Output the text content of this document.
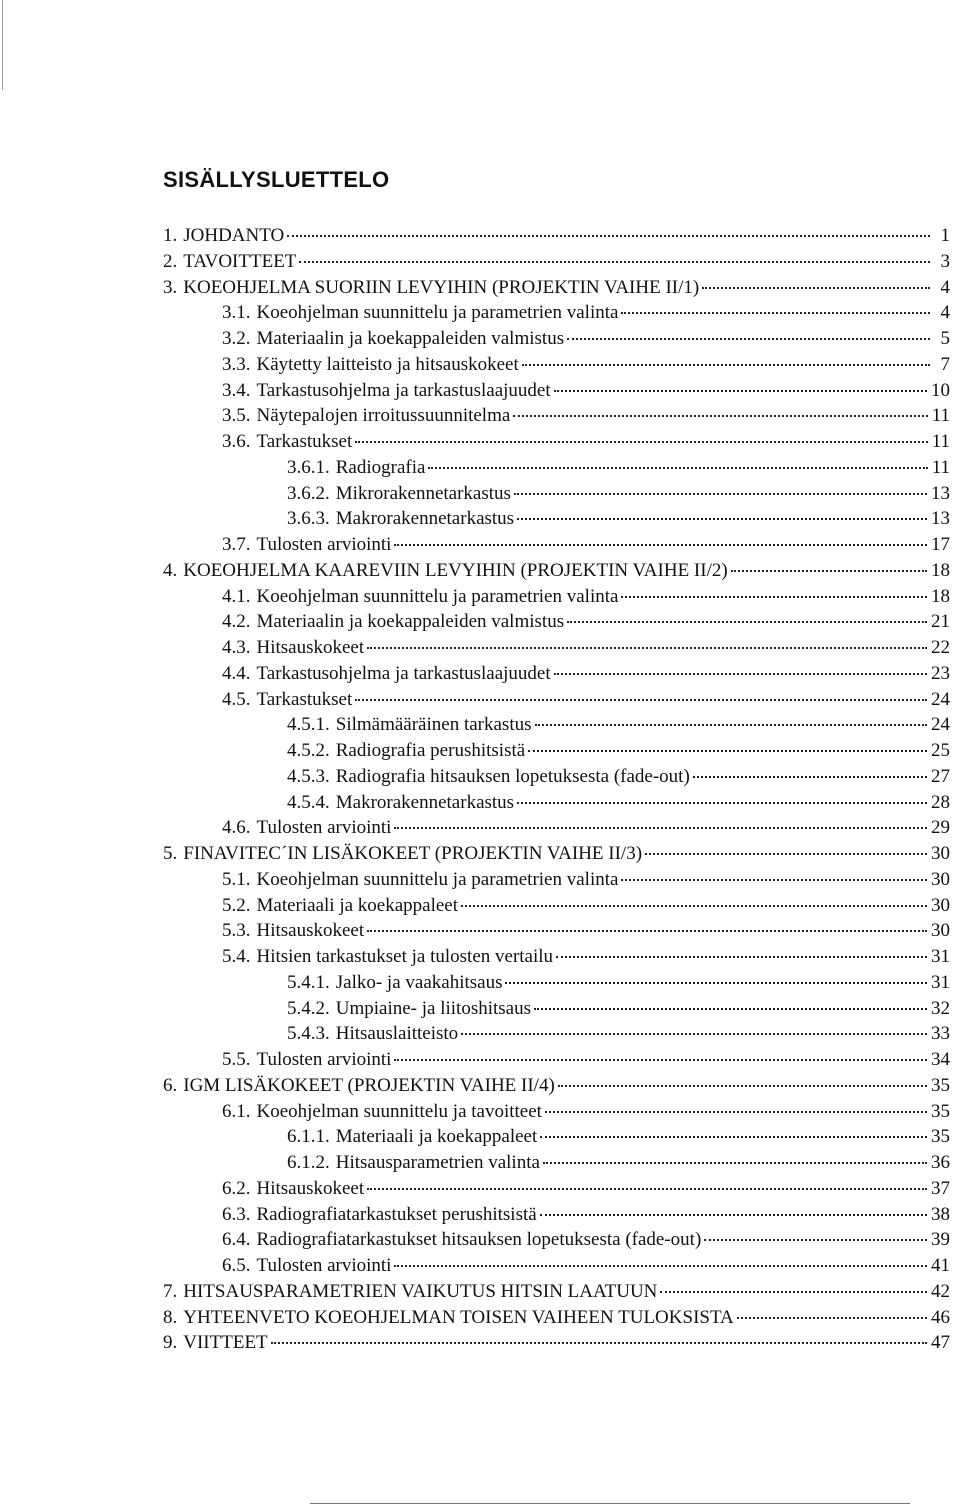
SISÄLLYSLUETTELO
1. JOHDANTO	1
2. TAVOITTEET	3
3. KOEOHJELMA SUORIIN LEVYIHIN (PROJEKTIN VAIHE II/1)	4
3.1. Koeohjelman suunnittelu ja parametrien valinta	4
3.2. Materiaalin ja koekappaleiden valmistus	5
3.3. Käytetty laitteisto ja hitsauskokeet	7
3.4. Tarkastusohjelma ja tarkastuslaajuudet	10
3.5. Näytepalojen irroitussuunnitelma	11
3.6. Tarkastukset	11
3.6.1. Radiografia	11
3.6.2. Mikrorakennetarkastus	13
3.6.3. Makrorakennetarkastus	13
3.7. Tulosten arviointi	17
4. KOEOHJELMA KAAREVIIN LEVYIHIN (PROJEKTIN VAIHE II/2)	18
4.1. Koeohjelman suunnittelu ja parametrien valinta	18
4.2. Materiaalin ja koekappaleiden valmistus	21
4.3. Hitsauskokeet	22
4.4. Tarkastusohjelma ja tarkastuslaajuudet	23
4.5. Tarkastukset	24
4.5.1. Silmämääräinen tarkastus	24
4.5.2. Radiografia perushitsistä	25
4.5.3. Radiografia hitsauksen lopetuksesta (fade-out)	27
4.5.4. Makrorakennetarkastus	28
4.6. Tulosten arviointi	29
5. FINAVITEC´IN LISÄKOKEET (PROJEKTIN VAIHE II/3)	30
5.1. Koeohjelman suunnittelu ja parametrien valinta	30
5.2. Materiaali ja koekappaleet	30
5.3. Hitsauskokeet	30
5.4. Hitsien tarkastukset ja tulosten vertailu	31
5.4.1. Jalko- ja vaakahitsaus	31
5.4.2. Umpiaine- ja liitoshitsaus	32
5.4.3. Hitsauslaitteisto	33
5.5. Tulosten arviointi	34
6. IGM LISÄKOKEET (PROJEKTIN VAIHE II/4)	35
6.1. Koeohjelman suunnittelu ja tavoitteet	35
6.1.1. Materiaali ja koekappaleet	35
6.1.2. Hitsausparametrien valinta	36
6.2. Hitsauskokeet	37
6.3. Radiografiatarkastukset perushitsistä	38
6.4. Radiografiatarkastukset hitsauksen lopetuksesta (fade-out)	39
6.5. Tulosten arviointi	41
7. HITSAUSPARAMETRIEN VAIKUTUS HITSIN LAATUUN	42
8. YHTEENVETO KOEOHJELMAN TOISEN VAIHEEN TULOKSISTA	46
9. VIITTEET	47
